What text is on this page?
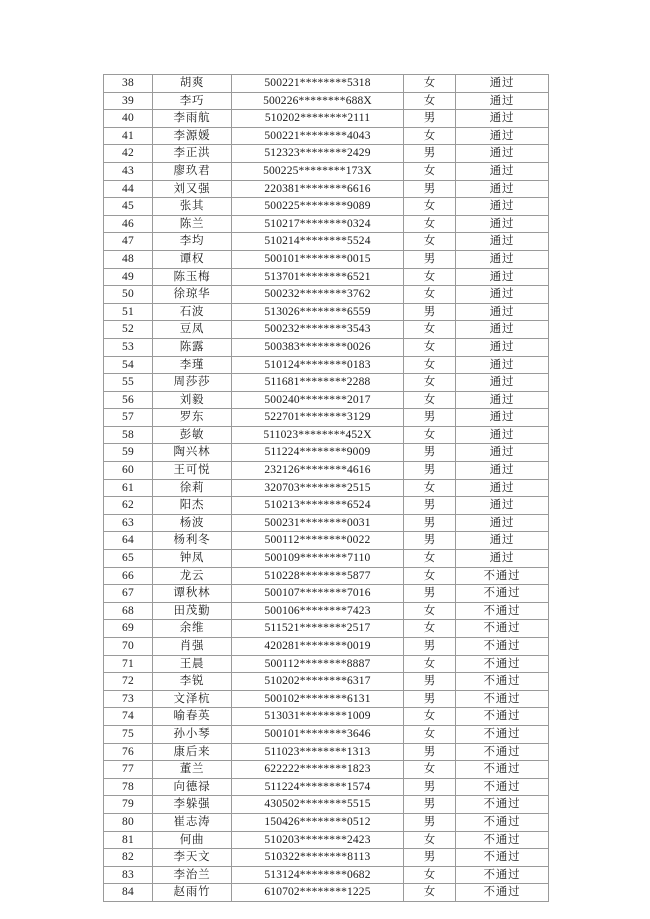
38	胡爽	500221********5318	女	通过
39	李巧	500226********688X	女	通过
40	李雨航	510202********2111	男	通过
41	李源媛	500221********4043	女	通过
42	李正洪	512323********2429	男	通过
43	廖玖君	500225********173X	女	通过
44	刘又强	220381********6616	男	通过
45	张其	500225********9089	女	通过
46	陈兰	510217********0324	女	通过
47	李均	510214********5524	女	通过
48	谭权	500101********0015	男	通过
49	陈玉梅	513701********6521	女	通过
50	徐琼华	500232********3762	女	通过
51	石波	513026********6559	男	通过
52	豆凤	500232********3543	女	通过
53	陈露	500383********0026	女	通过
54	李瑾	510124********0183	女	通过
55	周莎莎	511681********2288	女	通过
56	刘毅	500240********2017	女	通过
57	罗东	522701********3129	男	通过
58	彭敏	511023********452X	女	通过
59	陶兴林	511224********9009	男	通过
60	王可悦	232126********4616	男	通过
61	徐莉	320703********2515	女	通过
62	阳杰	510213********6524	男	通过
63	杨波	500231********0031	男	通过
64	杨利冬	500112********0022	男	通过
65	钟凤	500109********7110	女	通过
66	龙云	510228********5877	女	不通过
67	谭秋林	500107********7016	男	不通过
68	田茂勤	500106********7423	女	不通过
69	余维	511521********2517	女	不通过
70	肖强	420281********0019	男	不通过
71	王晨	500112********8887	女	不通过
72	李锐	510202********6317	男	不通过
73	文泽杭	500102********6131	男	不通过
74	喻春英	513031********1009	女	不通过
75	孙小琴	500101********3646	女	不通过
76	康后来	511023********1313	男	不通过
77	董兰	622222********1823	女	不通过
78	向德禄	511224********1574	男	不通过
79	李躲强	430502********5515	男	不通过
80	崔志涛	150426********0512	男	不通过
81	何曲	510203********2423	女	不通过
82	李天文	510322********8113	男	不通过
83	李治兰	513124********0682	女	不通过
84	赵雨竹	610702********1225	女	不通过
